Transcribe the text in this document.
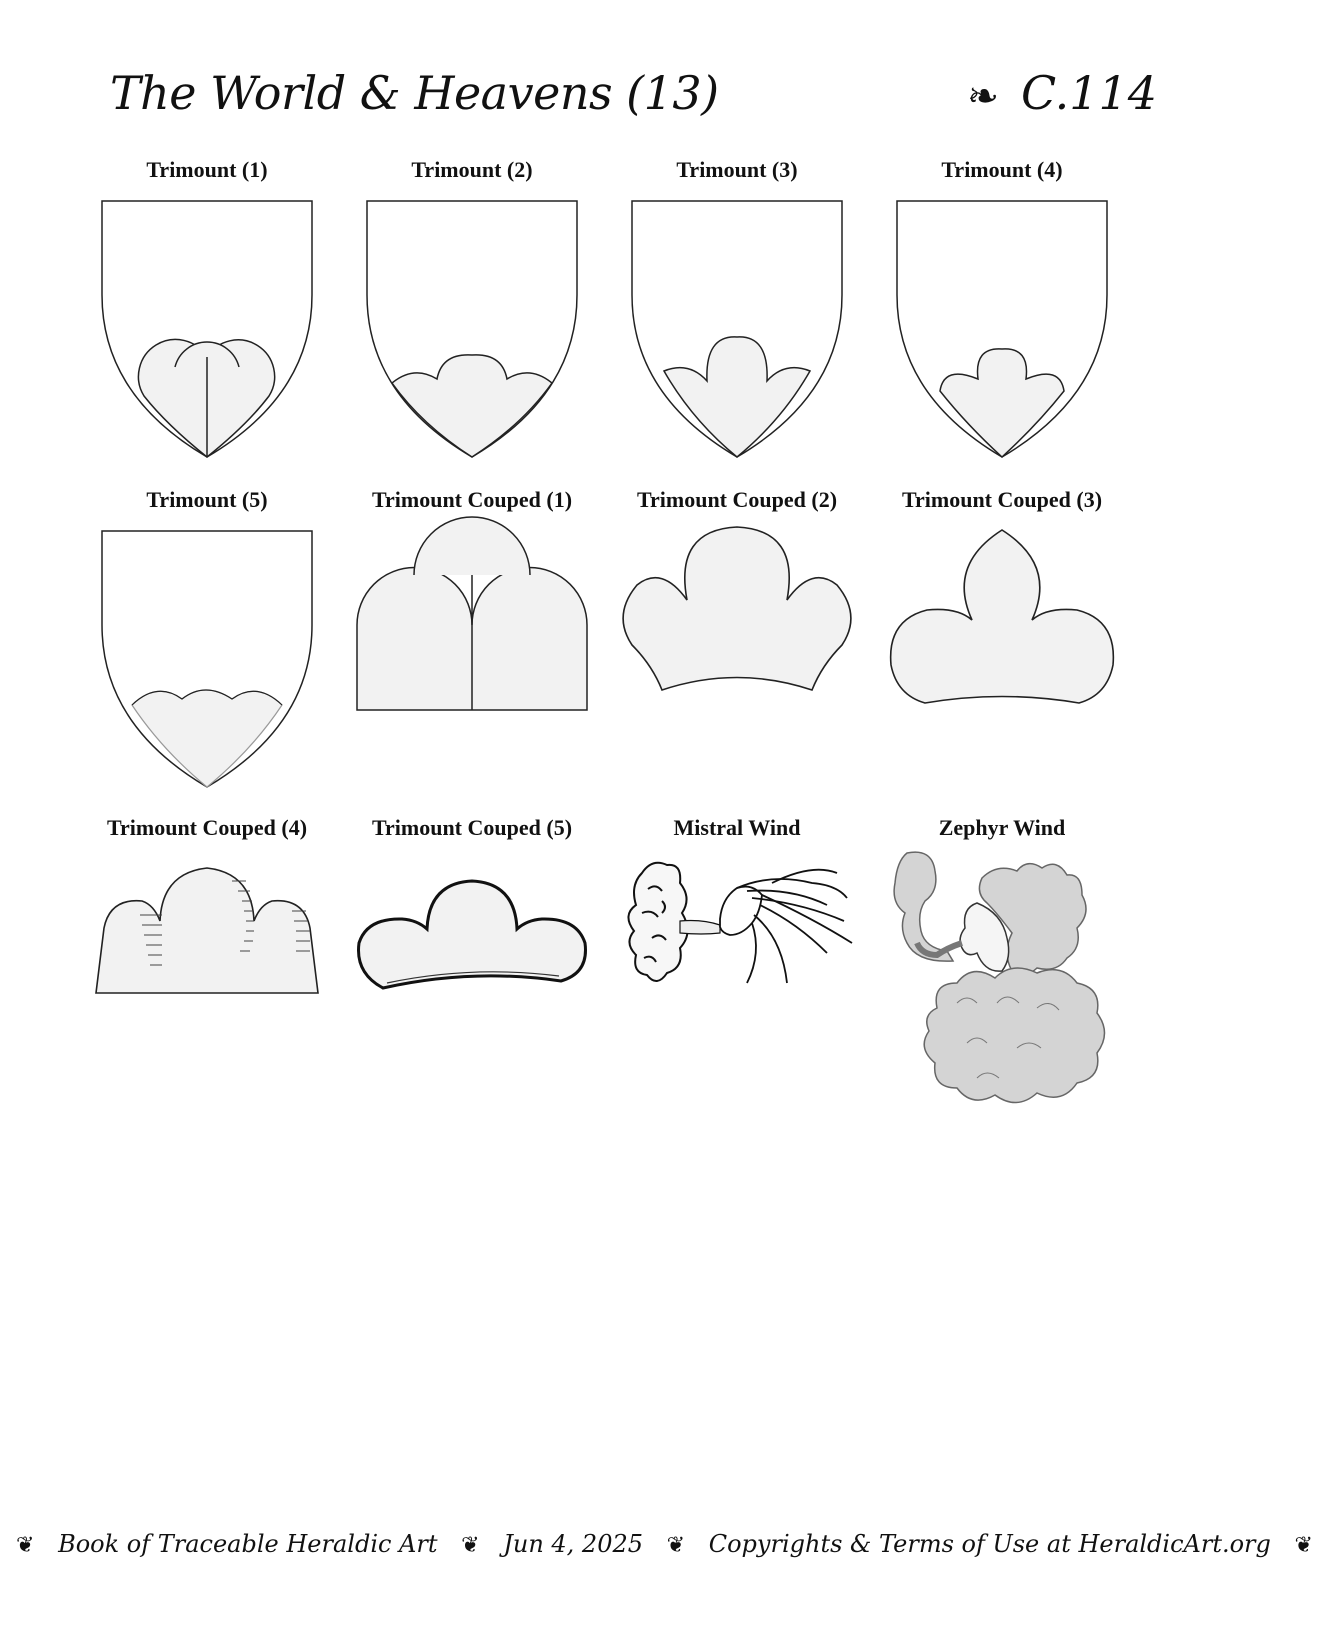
The World & Heavens (13)	❧ C.114
Trimount (1)	Trimount (2)	Trimount (3)	Trimount (4)
Trimount (5)	Trimount Couped (1)	Trimount Couped (2)	Trimount Couped (3)
Trimount Couped (4)	Trimount Couped (5)	Mistral Wind	Zephyr Wind
❦ Book of Traceable Heraldic Art ❦ Jun 4, 2025 ❦ Copyrights & Terms of Use at HeraldicArt.org ❦
